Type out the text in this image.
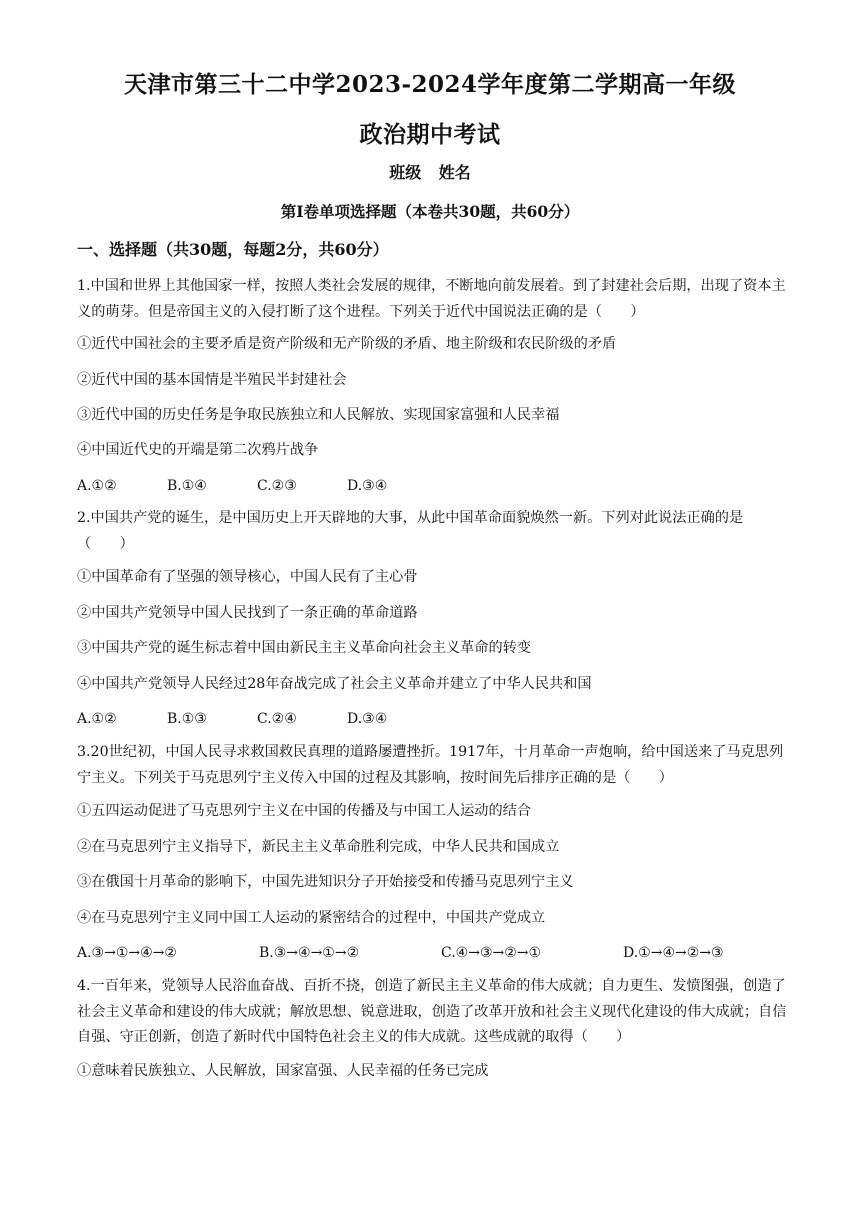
天津市第三十二中学2023-2024学年度第二学期高一年级
政治期中考试
班级 姓名
第Ⅰ卷单项选择题（本卷共30题，共60分）
一、选择题（共30题，每题2分，共60分）
1.中国和世界上其他国家一样，按照人类社会发展的规律，不断地向前发展着。到了封建社会后期，出现了资本主义的萌芽。但是帝国主义的入侵打断了这个进程。下列关于近代中国说法正确的是（　　）
①近代中国社会的主要矛盾是资产阶级和无产阶级的矛盾、地主阶级和农民阶级的矛盾
②近代中国的基本国情是半殖民半封建社会
③近代中国的历史任务是争取民族独立和人民解放、实现国家富强和人民幸福
④中国近代史的开端是第二次鸦片战争
A.①②	B.①④	C.②③	D.③④
2.中国共产党的诞生，是中国历史上开天辟地的大事，从此中国革命面貌焕然一新。下列对此说法正确的是（　　）
①中国革命有了坚强的领导核心，中国人民有了主心骨
②中国共产党领导中国人民找到了一条正确的革命道路
③中国共产党的诞生标志着中国由新民主主义革命向社会主义革命的转变
④中国共产党领导人民经过28年奋战完成了社会主义革命并建立了中华人民共和国
A.①②	B.①③	C.②④	D.③④
3.20世纪初，中国人民寻求救国救民真理的道路屡遭挫折。1917年，十月革命一声炮响，给中国送来了马克思列宁主义。下列关于马克思列宁主义传入中国的过程及其影响，按时间先后排序正确的是（　　）
①五四运动促进了马克思列宁主义在中国的传播及与中国工人运动的结合
②在马克思列宁主义指导下，新民主主义革命胜利完成，中华人民共和国成立
③在俄国十月革命的影响下，中国先进知识分子开始接受和传播马克思列宁主义
④在马克思列宁主义同中国工人运动的紧密结合的过程中，中国共产党成立
A.③→①→④→②	B.③→④→①→②	C.④→③→②→①	D.①→④→②→③
4.一百年来，党领导人民浴血奋战、百折不挠，创造了新民主主义革命的伟大成就；自力更生、发愤图强，创造了社会主义革命和建设的伟大成就；解放思想、锐意进取，创造了改革开放和社会主义现代化建设的伟大成就；自信自强、守正创新，创造了新时代中国特色社会主义的伟大成就。这些成就的取得（　　）
①意味着民族独立、人民解放，国家富强、人民幸福的任务已完成
